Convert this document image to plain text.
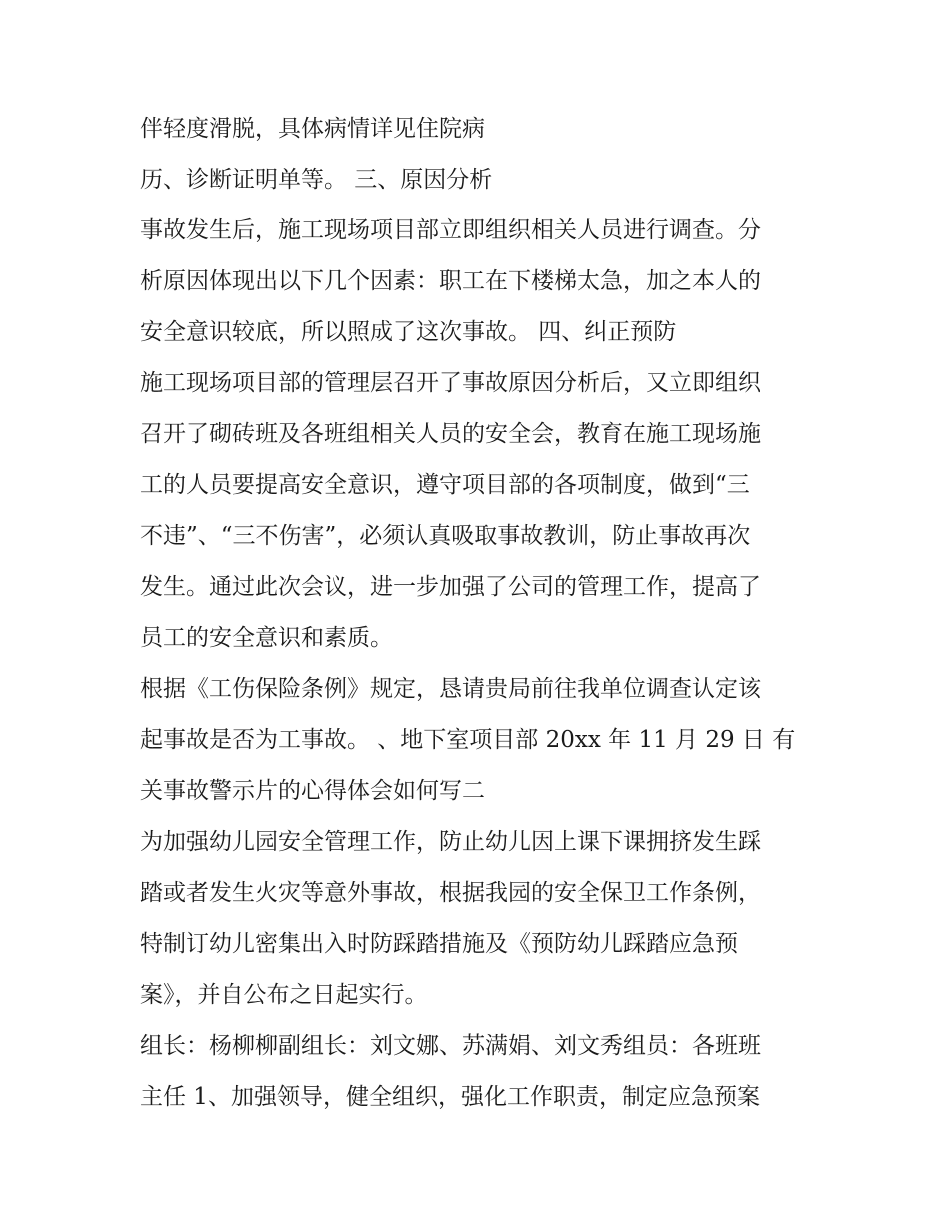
伴轻度滑脱，具体病情详见住院病
历、诊断证明单等。 三、原因分析
事故发生后，施工现场项目部立即组织相关人员进行调查。分
析原因体现出以下几个因素：职工在下楼梯太急，加之本人的
安全意识较底，所以照成了这次事故。 四、纠正预防
施工现场项目部的管理层召开了事故原因分析后，又立即组织
召开了砌砖班及各班组相关人员的安全会，教育在施工现场施
工的人员要提高安全意识，遵守项目部的各项制度，做到“三
不违”、“三不伤害”，必须认真吸取事故教训，防止事故再次
发生。通过此次会议，进一步加强了公司的管理工作，提高了
员工的安全意识和素质。
根据《工伤保险条例》规定，恳请贵局前往我单位调查认定该
起事故是否为工事故。 、地下室项目部 20xx 年 11 月 29 日 有
关事故警示片的心得体会如何写二
为加强幼儿园安全管理工作，防止幼儿因上课下课拥挤发生踩
踏或者发生火灾等意外事故，根据我园的安全保卫工作条例，
特制订幼儿密集出入时防踩踏措施及《预防幼儿踩踏应急预
案》，并自公布之日起实行。
组长：杨柳柳副组长：刘文娜、苏满娟、刘文秀组员：各班班
主任 1、加强领导，健全组织，强化工作职责，制定应急预案
